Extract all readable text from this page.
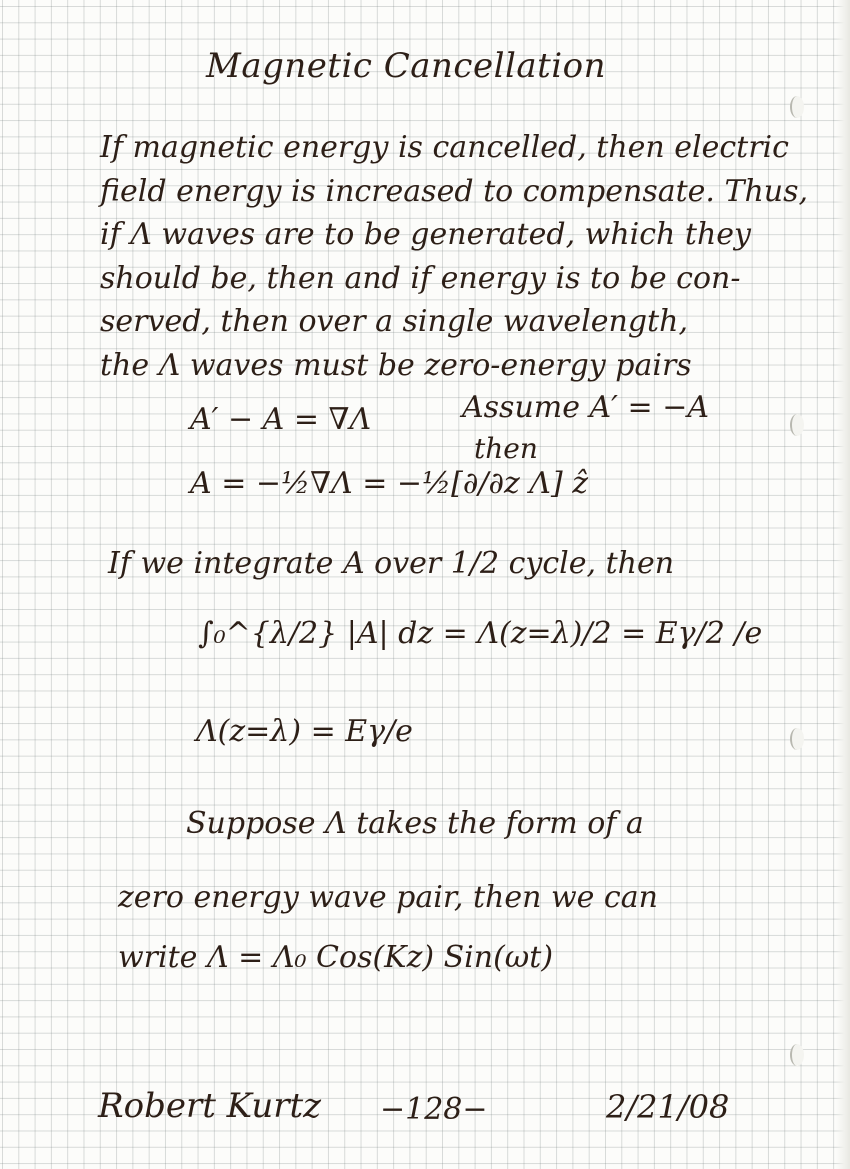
Magnetic Cancellation
If magnetic energy is cancelled, then electric
field energy is increased to compensate. Thus,
if Λ waves are to be generated, which they
should be, then and if energy is to be con-
served, then over a single wavelength,
the Λ waves must be zero-energy pairs
A′ − A = ∇Λ	Assume A′ = −A
then
A = −½∇Λ = −½[∂/∂z Λ] ẑ
If we integrate A over 1/2 cycle, then
∫₀^{λ/2} |A| dz = Λ(z=λ)/2 = Eγ/2 /e
Λ(z=λ) = Eγ/e
Suppose Λ takes the form of a
zero energy wave pair, then we can
write Λ = Λ₀ Cos(Kz) Sin(ωt)
Robert Kurtz −128−	2/21/08
